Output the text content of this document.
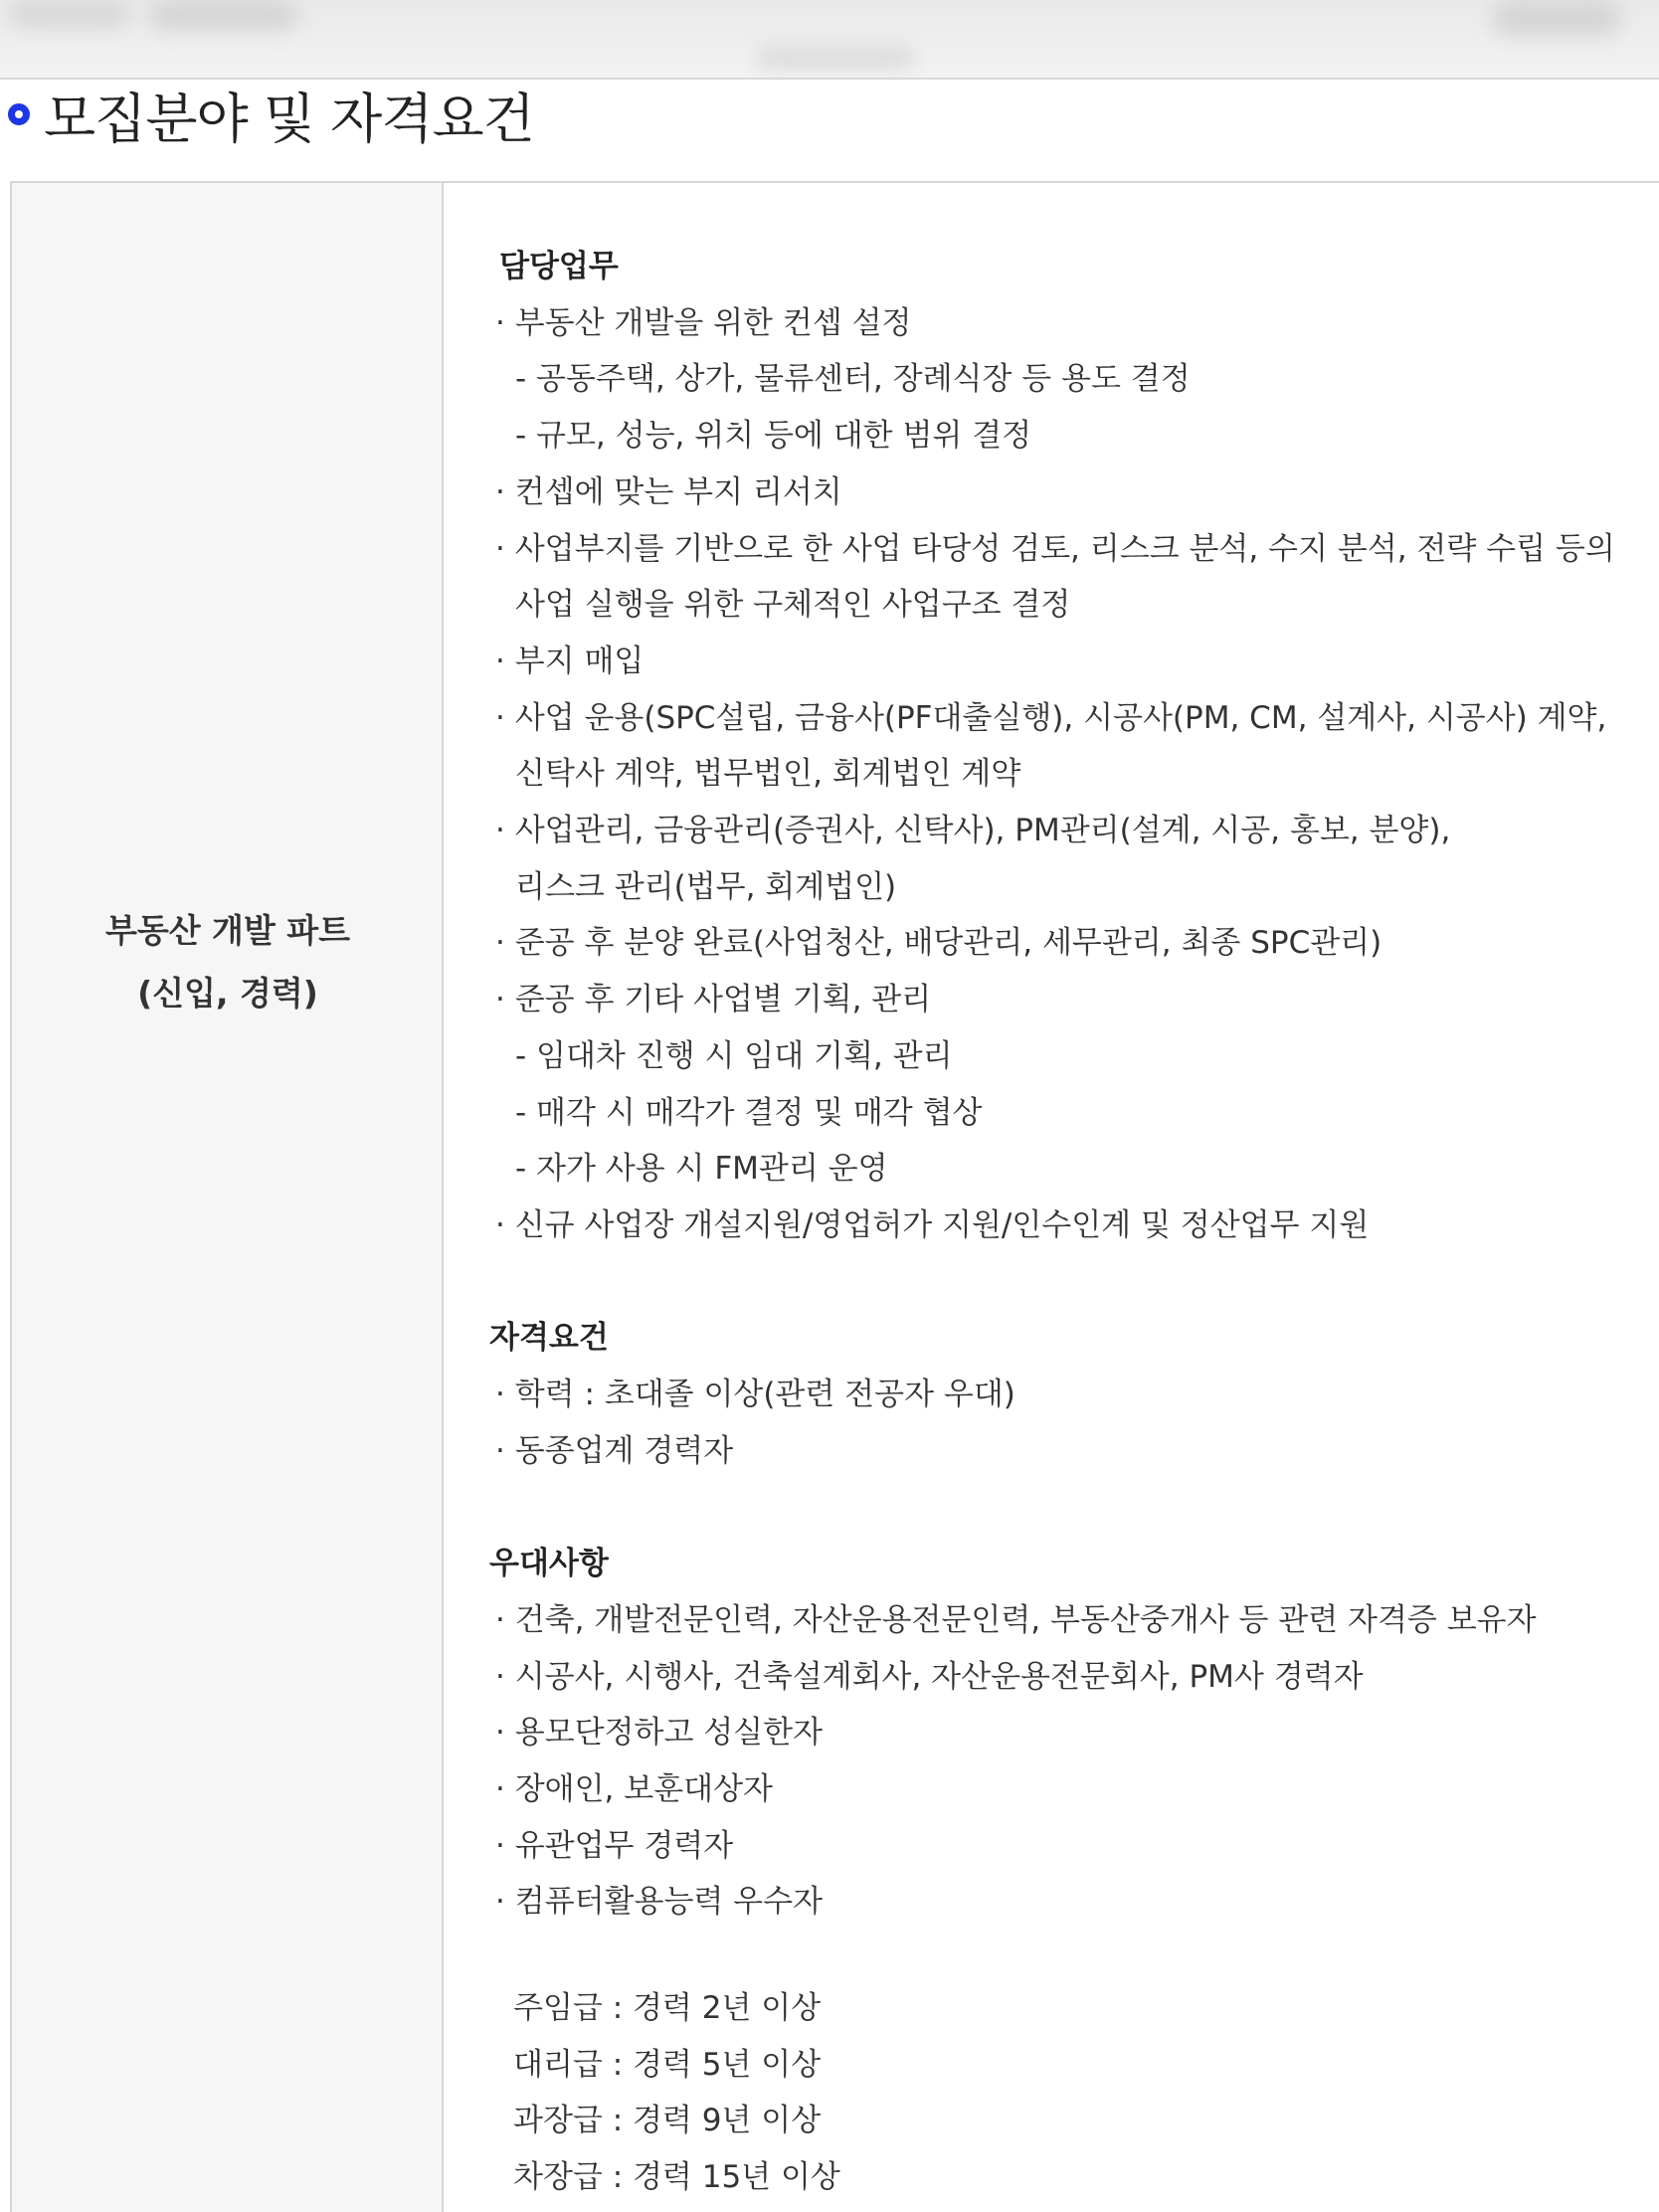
모집분야 및 자격요건
부동산 개발 파트
(신입, 경력)
담당업무
· 부동산 개발을 위한 컨셉 설정
- 공동주택, 상가, 물류센터, 장례식장 등 용도 결정
- 규모, 성능, 위치 등에 대한 범위 결정
· 컨셉에 맞는 부지 리서치
· 사업부지를 기반으로 한 사업 타당성 검토, 리스크 분석, 수지 분석, 전략 수립 등의
사업 실행을 위한 구체적인 사업구조 결정
· 부지 매입
· 사업 운용(SPC설립, 금융사(PF대출실행), 시공사(PM, CM, 설계사, 시공사) 계약,
신탁사 계약, 법무법인, 회계법인 계약
· 사업관리, 금융관리(증권사, 신탁사), PM관리(설계, 시공, 홍보, 분양),
리스크 관리(법무, 회계법인)
· 준공 후 분양 완료(사업청산, 배당관리, 세무관리, 최종 SPC관리)
· 준공 후 기타 사업별 기획, 관리
- 임대차 진행 시 임대 기획, 관리
- 매각 시 매각가 결정 및 매각 협상
- 자가 사용 시 FM관리 운영
· 신규 사업장 개설지원/영업허가 지원/인수인계 및 정산업무 지원
자격요건
· 학력 : 초대졸 이상(관련 전공자 우대)
· 동종업계 경력자
우대사항
· 건축, 개발전문인력, 자산운용전문인력, 부동산중개사 등 관련 자격증 보유자
· 시공사, 시행사, 건축설계회사, 자산운용전문회사, PM사 경력자
· 용모단정하고 성실한자
· 장애인, 보훈대상자
· 유관업무 경력자
· 컴퓨터활용능력 우수자
주임급 : 경력 2년 이상
대리급 : 경력 5년 이상
과장급 : 경력 9년 이상
차장급 : 경력 15년 이상
